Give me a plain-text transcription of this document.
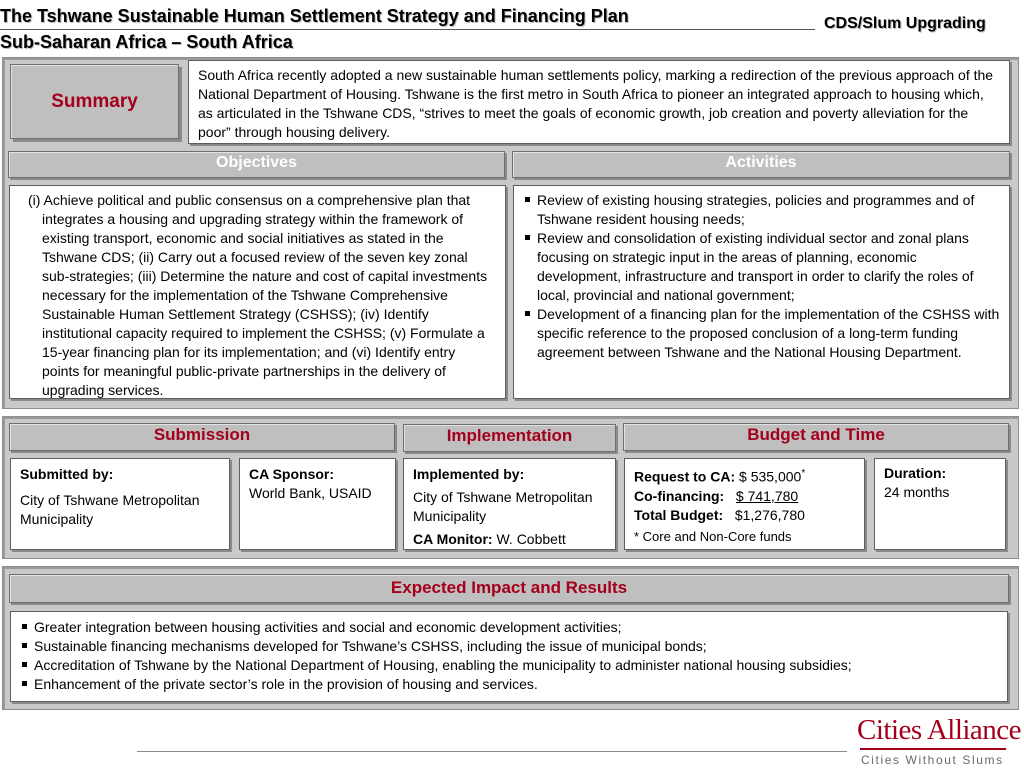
The Tshwane Sustainable Human Settlement Strategy and Financing Plan
Sub-Saharan Africa – South Africa
CDS/Slum Upgrading
Summary
South Africa recently adopted a new sustainable human settlements policy, marking a redirection of the previous approach of the National Department of Housing. Tshwane is the first metro in South Africa to pioneer an integrated approach to housing which, as articulated in the Tshwane CDS, “strives to meet the goals of economic growth, job creation and poverty alleviation for the poor” through housing delivery.
Objectives	Activities
(i) Achieve political and public consensus on a comprehensive plan that integrates a housing and upgrading strategy within the framework of existing transport, economic and social initiatives as stated in the Tshwane CDS; (ii) Carry out a focused review of the seven key zonal sub-strategies; (iii) Determine the nature and cost of capital investments necessary for the implementation of the Tshwane Comprehensive Sustainable Human Settlement Strategy (CSHSS); (iv) Identify institutional capacity required to implement the CSHSS; (v) Formulate a 15-year financing plan for its implementation; and (vi) Identify entry points for meaningful public-private partnerships in the delivery of upgrading services.
Review of existing housing strategies, policies and programmes and of Tshwane resident housing needs;
Review and consolidation of existing individual sector and zonal plans focusing on strategic input in the areas of planning, economic development, infrastructure and transport in order to clarify the roles of local, provincial and national government;
Development of a financing plan for the implementation of the CSHSS with specific reference to the proposed conclusion of a long-term funding agreement between Tshwane and the National Housing Department.
Submission	Implementation	Budget and Time
Submitted by:
City of Tshwane Metropolitan Municipality
CA Sponsor:
World Bank, USAID
Implemented by:
City of Tshwane Metropolitan Municipality
CA Monitor: W. Cobbett
Request to CA: $ 535,000*
Co-financing: $ 741,780
Total Budget: $1,276,780
* Core and Non-Core funds
Duration:
24 months
Expected Impact and Results
Greater integration between housing activities and social and economic development activities;
Sustainable financing mechanisms developed for Tshwane’s CSHSS, including the issue of municipal bonds;
Accreditation of Tshwane by the National Department of Housing, enabling the municipality to administer national housing subsidies;
Enhancement of the private sector’s role in the provision of housing and services.
Cities Alliance
Cities Without Slums
